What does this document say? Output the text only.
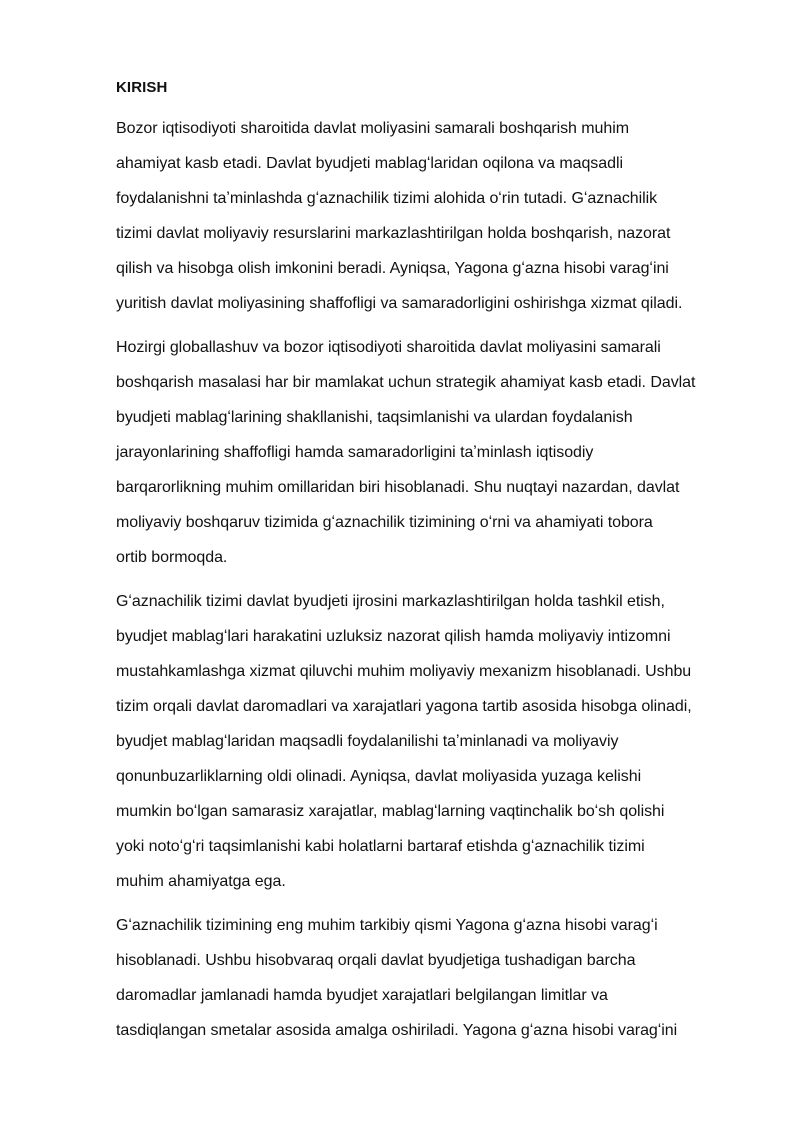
KIRISH
Bozor iqtisodiyoti sharoitida davlat moliyasini samarali boshqarish muhim
ahamiyat kasb etadi. Davlat byudjeti mablagʻlaridan oqilona va maqsadli
foydalanishni taʼminlashda gʻaznachilik tizimi alohida oʻrin tutadi. Gʻaznachilik
tizimi davlat moliyaviy resurslarini markazlashtirilgan holda boshqarish, nazorat
qilish va hisobga olish imkonini beradi. Ayniqsa, Yagona gʻazna hisobi varagʻini
yuritish davlat moliyasining shaffofligi va samaradorligini oshirishga xizmat qiladi.
Hozirgi globallashuv va bozor iqtisodiyoti sharoitida davlat moliyasini samarali
boshqarish masalasi har bir mamlakat uchun strategik ahamiyat kasb etadi. Davlat
byudjeti mablagʻlarining shakllanishi, taqsimlanishi va ulardan foydalanish
jarayonlarining shaffofligi hamda samaradorligini taʼminlash iqtisodiy
barqarorlikning muhim omillaridan biri hisoblanadi. Shu nuqtayi nazardan, davlat
moliyaviy boshqaruv tizimida gʻaznachilik tizimining oʻrni va ahamiyati tobora
ortib bormoqda.
Gʻaznachilik tizimi davlat byudjeti ijrosini markazlashtirilgan holda tashkil etish,
byudjet mablagʻlari harakatini uzluksiz nazorat qilish hamda moliyaviy intizomni
mustahkamlashga xizmat qiluvchi muhim moliyaviy mexanizm hisoblanadi. Ushbu
tizim orqali davlat daromadlari va xarajatlari yagona tartib asosida hisobga olinadi,
byudjet mablagʻlaridan maqsadli foydalanilishi taʼminlanadi va moliyaviy
qonunbuzarliklarning oldi olinadi. Ayniqsa, davlat moliyasida yuzaga kelishi
mumkin boʻlgan samarasiz xarajatlar, mablagʻlarning vaqtinchalik boʻsh qolishi
yoki notoʻgʻri taqsimlanishi kabi holatlarni bartaraf etishda gʻaznachilik tizimi
muhim ahamiyatga ega.
Gʻaznachilik tizimining eng muhim tarkibiy qismi Yagona gʻazna hisobi varagʻi
hisoblanadi. Ushbu hisobvaraq orqali davlat byudjetiga tushadigan barcha
daromadlar jamlanadi hamda byudjet xarajatlari belgilangan limitlar va
tasdiqlangan smetalar asosida amalga oshiriladi. Yagona gʻazna hisobi varagʻini
